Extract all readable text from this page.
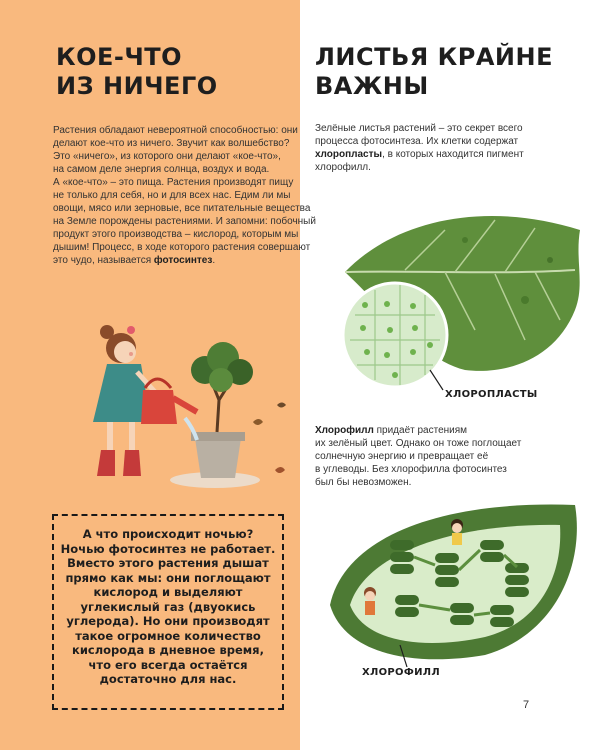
КОЕ-ЧТО
ИЗ НИЧЕГО

Растения обладают невероятной способностью: они
делают кое-что из ничего. Звучит как волшебство?
Это «ничего», из которого они делают «кое-что»,
на самом деле энергия солнца, воздух и вода.
А «кое-что» – это пища. Растения производят пищу
не только для себя, но и для всех нас. Едим ли мы
овощи, мясо или зерновые, все питательные вещества
на Земле порождены растениями. И запомни: побочный
продукт этого производства – кислород, которым мы
дышим! Процесс, в ходе которого растения совершают
это чудо, называется фотосинтез.

А что происходит ночью?
Ночью фотосинтез не работает.
Вместо этого растения дышат
прямо как мы: они поглощают
кислород и выделяют
углекислый газ (двуокись
углерода). Но они производят
такое огромное количество
кислорода в дневное время,
что его всегда остаётся
достаточно для нас.

ЛИСТЬЯ КРАЙНЕ
ВАЖНЫ

Зелёные листья растений – это секрет всего
процесса фотосинтеза. Их клетки содержат
хлоропласты, в которых находится пигмент
хлорофилл.

ХЛОРОПЛАСТЫ

Хлорофилл придаёт растениям
их зелёный цвет. Однако он тоже поглощает
солнечную энергию и превращает её
в углеводы. Без хлорофилла фотосинтез
был бы невозможен.

ХЛОРОФИЛЛ
7
